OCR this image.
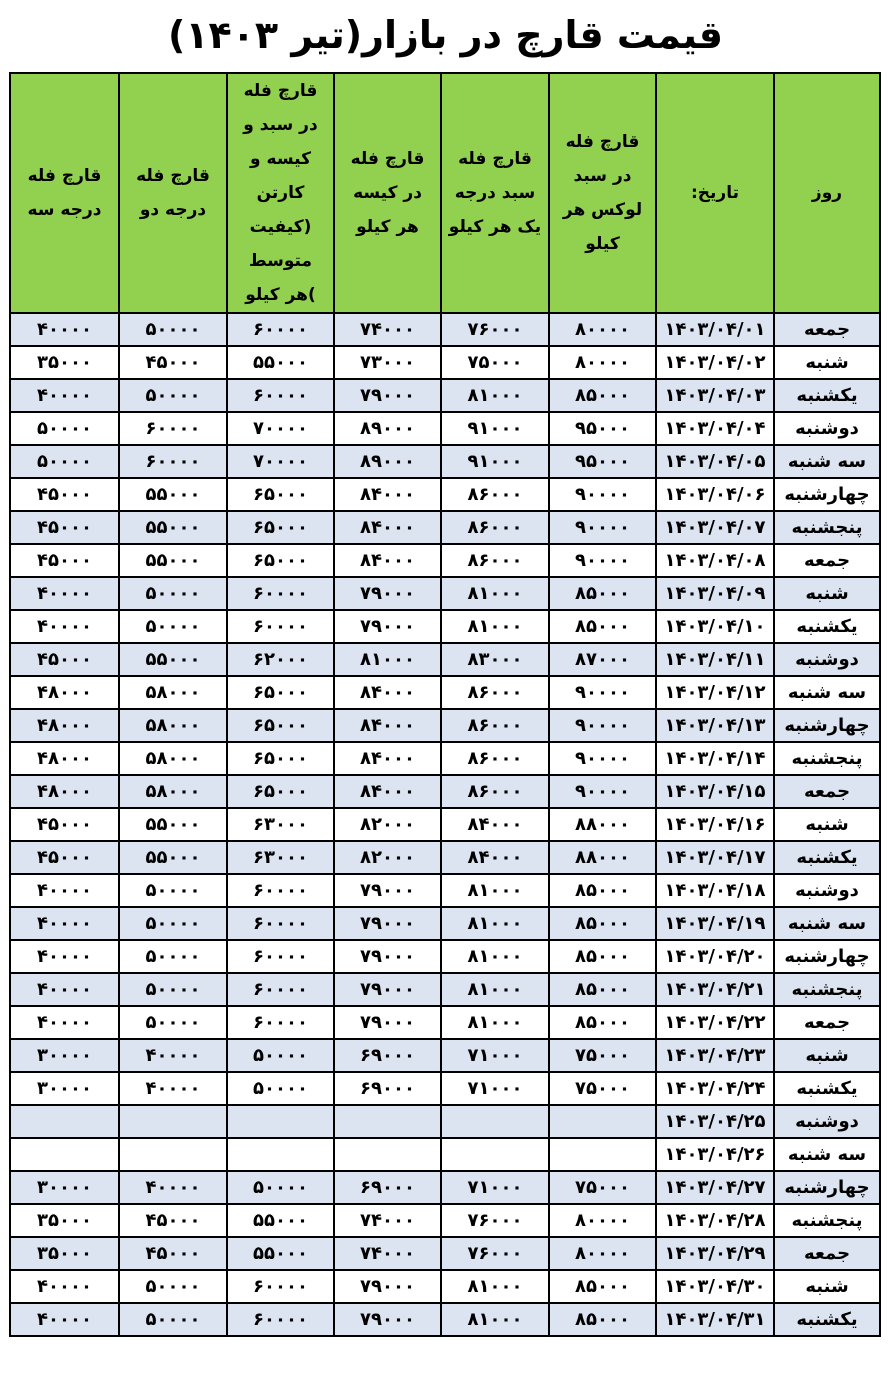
قیمت قارچ در بازار(تیر ۱۴۰۳)
روز	تاریخ:	قارچ فله در سبد لوکس هر کیلو	قارچ فله سبد درجه یک هر کیلو	قارچ فله در کیسه هر کیلو	قارچ فله در سبد و کیسه و کارتن (کیفیت متوسط )هر کیلو	قارچ فله درجه دو	قارچ فله درجه سه
جمعه	۱۴۰۳/۰۴/۰۱	۸۰۰۰۰	۷۶۰۰۰	۷۴۰۰۰	۶۰۰۰۰	۵۰۰۰۰	۴۰۰۰۰
شنبه	۱۴۰۳/۰۴/۰۲	۸۰۰۰۰	۷۵۰۰۰	۷۳۰۰۰	۵۵۰۰۰	۴۵۰۰۰	۳۵۰۰۰
یکشنبه	۱۴۰۳/۰۴/۰۳	۸۵۰۰۰	۸۱۰۰۰	۷۹۰۰۰	۶۰۰۰۰	۵۰۰۰۰	۴۰۰۰۰
دوشنبه	۱۴۰۳/۰۴/۰۴	۹۵۰۰۰	۹۱۰۰۰	۸۹۰۰۰	۷۰۰۰۰	۶۰۰۰۰	۵۰۰۰۰
سه شنبه	۱۴۰۳/۰۴/۰۵	۹۵۰۰۰	۹۱۰۰۰	۸۹۰۰۰	۷۰۰۰۰	۶۰۰۰۰	۵۰۰۰۰
چهارشنبه	۱۴۰۳/۰۴/۰۶	۹۰۰۰۰	۸۶۰۰۰	۸۴۰۰۰	۶۵۰۰۰	۵۵۰۰۰	۴۵۰۰۰
پنجشنبه	۱۴۰۳/۰۴/۰۷	۹۰۰۰۰	۸۶۰۰۰	۸۴۰۰۰	۶۵۰۰۰	۵۵۰۰۰	۴۵۰۰۰
جمعه	۱۴۰۳/۰۴/۰۸	۹۰۰۰۰	۸۶۰۰۰	۸۴۰۰۰	۶۵۰۰۰	۵۵۰۰۰	۴۵۰۰۰
شنبه	۱۴۰۳/۰۴/۰۹	۸۵۰۰۰	۸۱۰۰۰	۷۹۰۰۰	۶۰۰۰۰	۵۰۰۰۰	۴۰۰۰۰
یکشنبه	۱۴۰۳/۰۴/۱۰	۸۵۰۰۰	۸۱۰۰۰	۷۹۰۰۰	۶۰۰۰۰	۵۰۰۰۰	۴۰۰۰۰
دوشنبه	۱۴۰۳/۰۴/۱۱	۸۷۰۰۰	۸۳۰۰۰	۸۱۰۰۰	۶۲۰۰۰	۵۵۰۰۰	۴۵۰۰۰
سه شنبه	۱۴۰۳/۰۴/۱۲	۹۰۰۰۰	۸۶۰۰۰	۸۴۰۰۰	۶۵۰۰۰	۵۸۰۰۰	۴۸۰۰۰
چهارشنبه	۱۴۰۳/۰۴/۱۳	۹۰۰۰۰	۸۶۰۰۰	۸۴۰۰۰	۶۵۰۰۰	۵۸۰۰۰	۴۸۰۰۰
پنجشنبه	۱۴۰۳/۰۴/۱۴	۹۰۰۰۰	۸۶۰۰۰	۸۴۰۰۰	۶۵۰۰۰	۵۸۰۰۰	۴۸۰۰۰
جمعه	۱۴۰۳/۰۴/۱۵	۹۰۰۰۰	۸۶۰۰۰	۸۴۰۰۰	۶۵۰۰۰	۵۸۰۰۰	۴۸۰۰۰
شنبه	۱۴۰۳/۰۴/۱۶	۸۸۰۰۰	۸۴۰۰۰	۸۲۰۰۰	۶۳۰۰۰	۵۵۰۰۰	۴۵۰۰۰
یکشنبه	۱۴۰۳/۰۴/۱۷	۸۸۰۰۰	۸۴۰۰۰	۸۲۰۰۰	۶۳۰۰۰	۵۵۰۰۰	۴۵۰۰۰
دوشنبه	۱۴۰۳/۰۴/۱۸	۸۵۰۰۰	۸۱۰۰۰	۷۹۰۰۰	۶۰۰۰۰	۵۰۰۰۰	۴۰۰۰۰
سه شنبه	۱۴۰۳/۰۴/۱۹	۸۵۰۰۰	۸۱۰۰۰	۷۹۰۰۰	۶۰۰۰۰	۵۰۰۰۰	۴۰۰۰۰
چهارشنبه	۱۴۰۳/۰۴/۲۰	۸۵۰۰۰	۸۱۰۰۰	۷۹۰۰۰	۶۰۰۰۰	۵۰۰۰۰	۴۰۰۰۰
پنجشنبه	۱۴۰۳/۰۴/۲۱	۸۵۰۰۰	۸۱۰۰۰	۷۹۰۰۰	۶۰۰۰۰	۵۰۰۰۰	۴۰۰۰۰
جمعه	۱۴۰۳/۰۴/۲۲	۸۵۰۰۰	۸۱۰۰۰	۷۹۰۰۰	۶۰۰۰۰	۵۰۰۰۰	۴۰۰۰۰
شنبه	۱۴۰۳/۰۴/۲۳	۷۵۰۰۰	۷۱۰۰۰	۶۹۰۰۰	۵۰۰۰۰	۴۰۰۰۰	۳۰۰۰۰
یکشنبه	۱۴۰۳/۰۴/۲۴	۷۵۰۰۰	۷۱۰۰۰	۶۹۰۰۰	۵۰۰۰۰	۴۰۰۰۰	۳۰۰۰۰
دوشنبه	۱۴۰۳/۰۴/۲۵						
سه شنبه	۱۴۰۳/۰۴/۲۶						
چهارشنبه	۱۴۰۳/۰۴/۲۷	۷۵۰۰۰	۷۱۰۰۰	۶۹۰۰۰	۵۰۰۰۰	۴۰۰۰۰	۳۰۰۰۰
پنجشنبه	۱۴۰۳/۰۴/۲۸	۸۰۰۰۰	۷۶۰۰۰	۷۴۰۰۰	۵۵۰۰۰	۴۵۰۰۰	۳۵۰۰۰
جمعه	۱۴۰۳/۰۴/۲۹	۸۰۰۰۰	۷۶۰۰۰	۷۴۰۰۰	۵۵۰۰۰	۴۵۰۰۰	۳۵۰۰۰
شنبه	۱۴۰۳/۰۴/۳۰	۸۵۰۰۰	۸۱۰۰۰	۷۹۰۰۰	۶۰۰۰۰	۵۰۰۰۰	۴۰۰۰۰
یکشنبه	۱۴۰۳/۰۴/۳۱	۸۵۰۰۰	۸۱۰۰۰	۷۹۰۰۰	۶۰۰۰۰	۵۰۰۰۰	۴۰۰۰۰
